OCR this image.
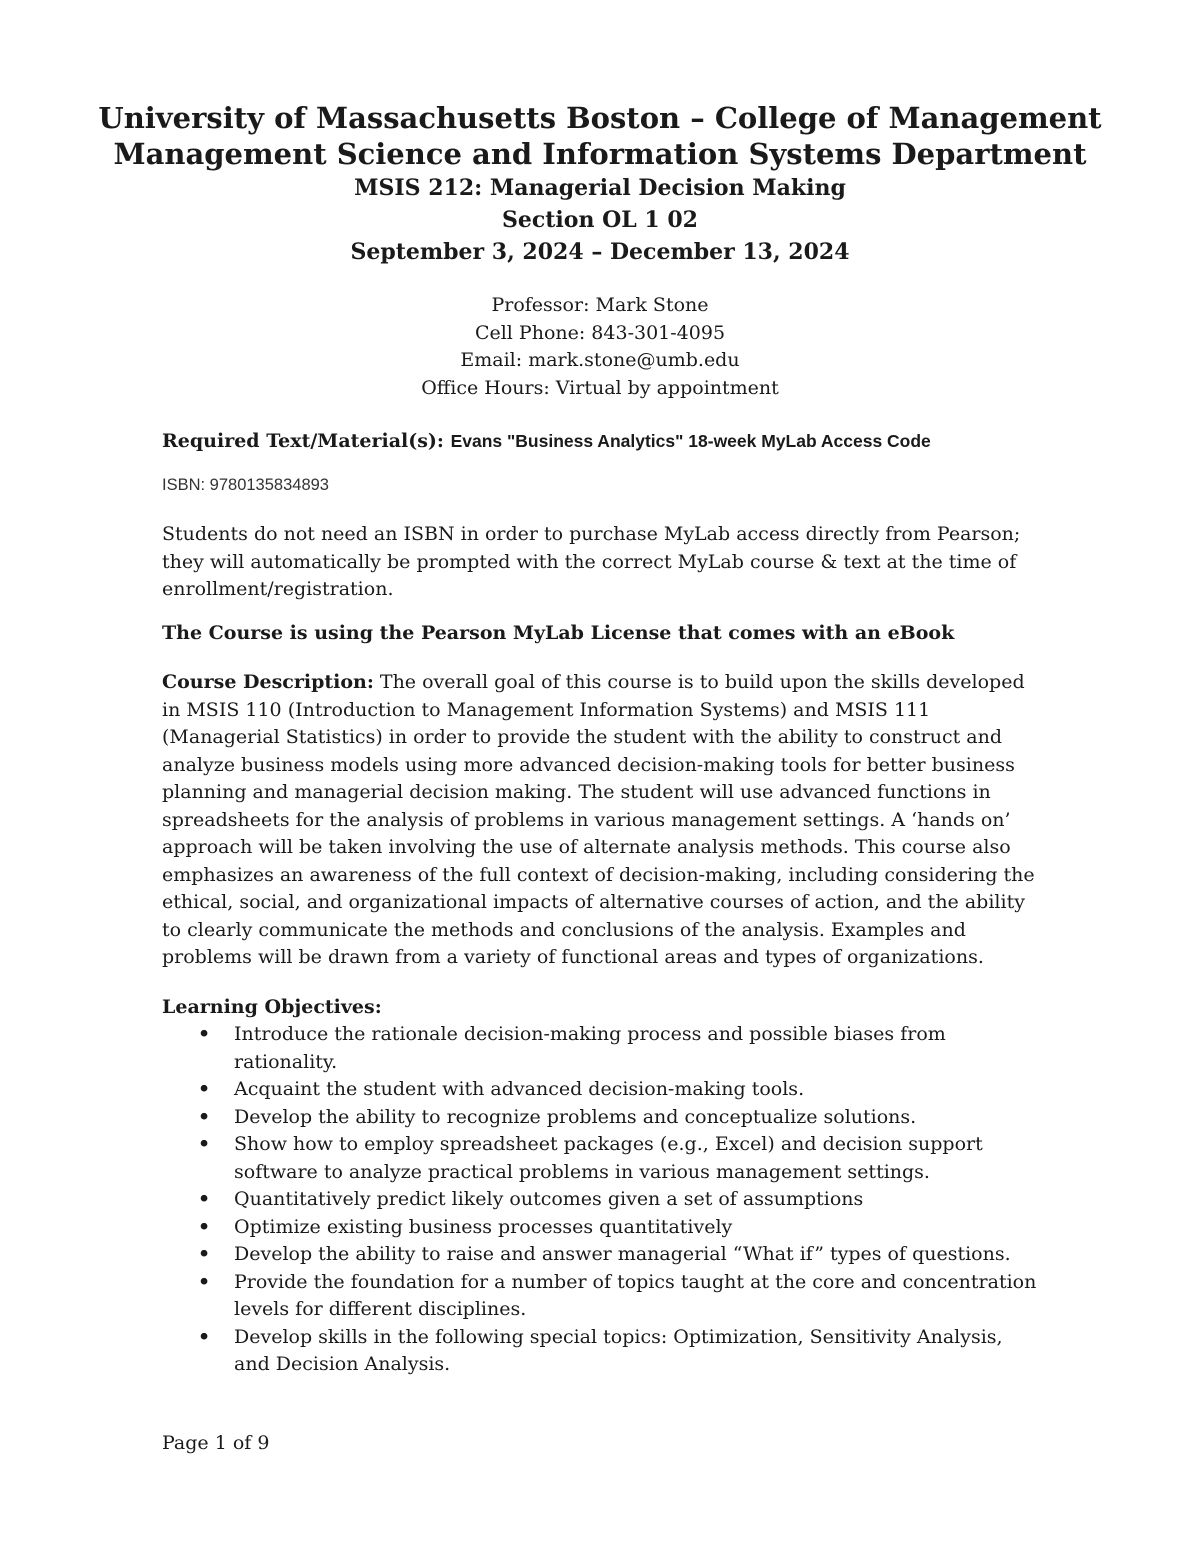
University of Massachusetts Boston – College of Management
Management Science and Information Systems Department
MSIS 212: Managerial Decision Making
Section OL 1 02
September 3, 2024 – December 13, 2024
Professor: Mark Stone
Cell Phone: 843-301-4095
Email: mark.stone@umb.edu
Office Hours: Virtual by appointment

Required Text/Material(s): Evans "Business Analytics" 18-week MyLab Access Code

ISBN: 9780135834893

Students do not need an ISBN in order to purchase MyLab access directly from Pearson; they will automatically be prompted with the correct MyLab course & text at the time of enrollment/registration.

The Course is using the Pearson MyLab License that comes with an eBook

Course Description: The overall goal of this course is to build upon the skills developed in MSIS 110 (Introduction to Management Information Systems) and MSIS 111 (Managerial Statistics) in order to provide the student with the ability to construct and analyze business models using more advanced decision-making tools for better business planning and managerial decision making. The student will use advanced functions in spreadsheets for the analysis of problems in various management settings. A ‘hands on’ approach will be taken involving the use of alternate analysis methods. This course also emphasizes an awareness of the full context of decision-making, including considering the ethical, social, and organizational impacts of alternative courses of action, and the ability to clearly communicate the methods and conclusions of the analysis. Examples and problems will be drawn from a variety of functional areas and types of organizations.

Learning Objectives:

• Introduce the rationale decision-making process and possible biases from rationality.
• Acquaint the student with advanced decision-making tools.
• Develop the ability to recognize problems and conceptualize solutions.
• Show how to employ spreadsheet packages (e.g., Excel) and decision support software to analyze practical problems in various management settings.
• Quantitatively predict likely outcomes given a set of assumptions
• Optimize existing business processes quantitatively
• Develop the ability to raise and answer managerial “What if” types of questions.
• Provide the foundation for a number of topics taught at the core and concentration levels for different disciplines.
• Develop skills in the following special topics: Optimization, Sensitivity Analysis, and Decision Analysis.
Page 1 of 9
